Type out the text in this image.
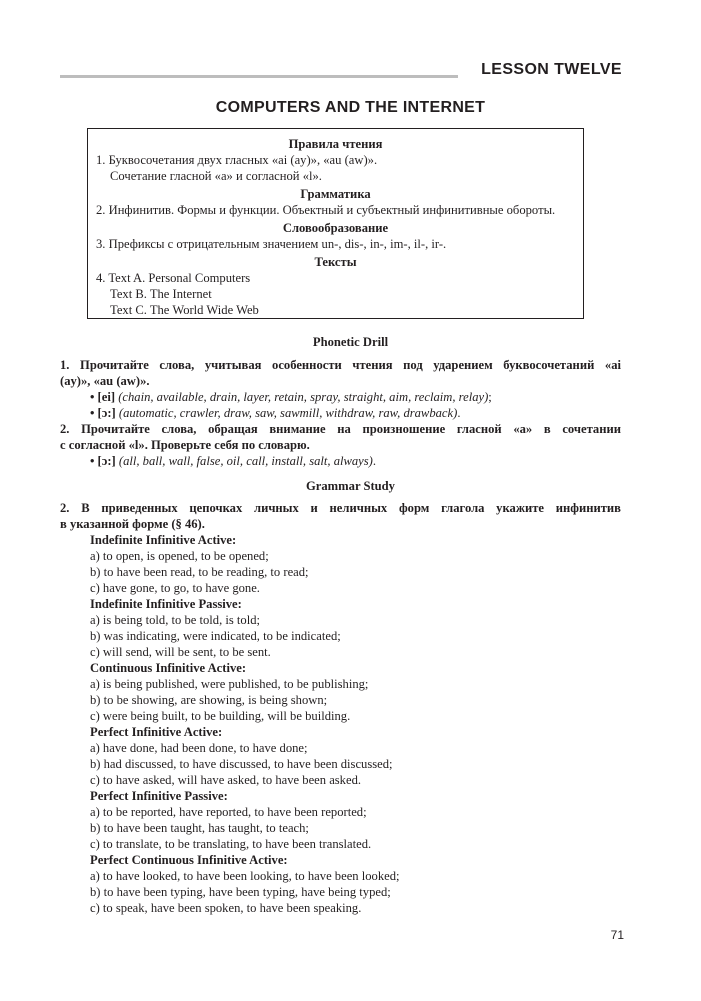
LESSON TWELVE
COMPUTERS AND THE INTERNET
Правила чтения
1. Буквосочетания двух гласных «ai (ay)», «au (aw)».
Сочетание гласной «a» и согласной «l».
Грамматика
2. Инфинитив. Формы и функции. Объектный и субъектный инфинитивные обороты.
Словообразование
3. Префиксы с отрицательным значением un-, dis-, in-, im-, il-, ir-.
Тексты
4. Text A. Personal Computers
Text B. The Internet
Text C. The World Wide Web
Phonetic Drill
1. Прочитайте слова, учитывая особенности чтения под ударением буквосочетаний «ai
(ay)», «au (aw)».
• [ei] (chain, available, drain, layer, retain, spray, straight, aim, reclaim, relay);
• [ɔ:] (automatic, crawler, draw, saw, sawmill, withdraw, raw, drawback).
2. Прочитайте слова, обращая внимание на произношение гласной «a» в сочетании
с согласной «l». Проверьте себя по словарю.
• [ɔ:] (all, ball, wall, false, oil, call, install, salt, always).
Grammar Study
2. В приведенных цепочках личных и неличных форм глагола укажите инфинитив
в указанной форме (§ 46).
Indefinite Infinitive Active:
a) to open, is opened, to be opened;
b) to have been read, to be reading, to read;
c) have gone, to go, to have gone.
Indefinite Infinitive Passive:
a) is being told, to be told, is told;
b) was indicating, were indicated, to be indicated;
c) will send, will be sent, to be sent.
Continuous Infinitive Active:
a) is being published, were published, to be publishing;
b) to be showing, are showing, is being shown;
c) were being built, to be building, will be building.
Perfect Infinitive Active:
a) have done, had been done, to have done;
b) had discussed, to have discussed, to have been discussed;
c) to have asked, will have asked, to have been asked.
Perfect Infinitive Passive:
a) to be reported, have reported, to have been reported;
b) to have been taught, has taught, to teach;
c) to translate, to be translating, to have been translated.
Perfect Continuous Infinitive Active:
a) to have looked, to have been looking, to have been looked;
b) to have been typing, have been typing, have being typed;
c) to speak, have been spoken, to have been speaking.
71
